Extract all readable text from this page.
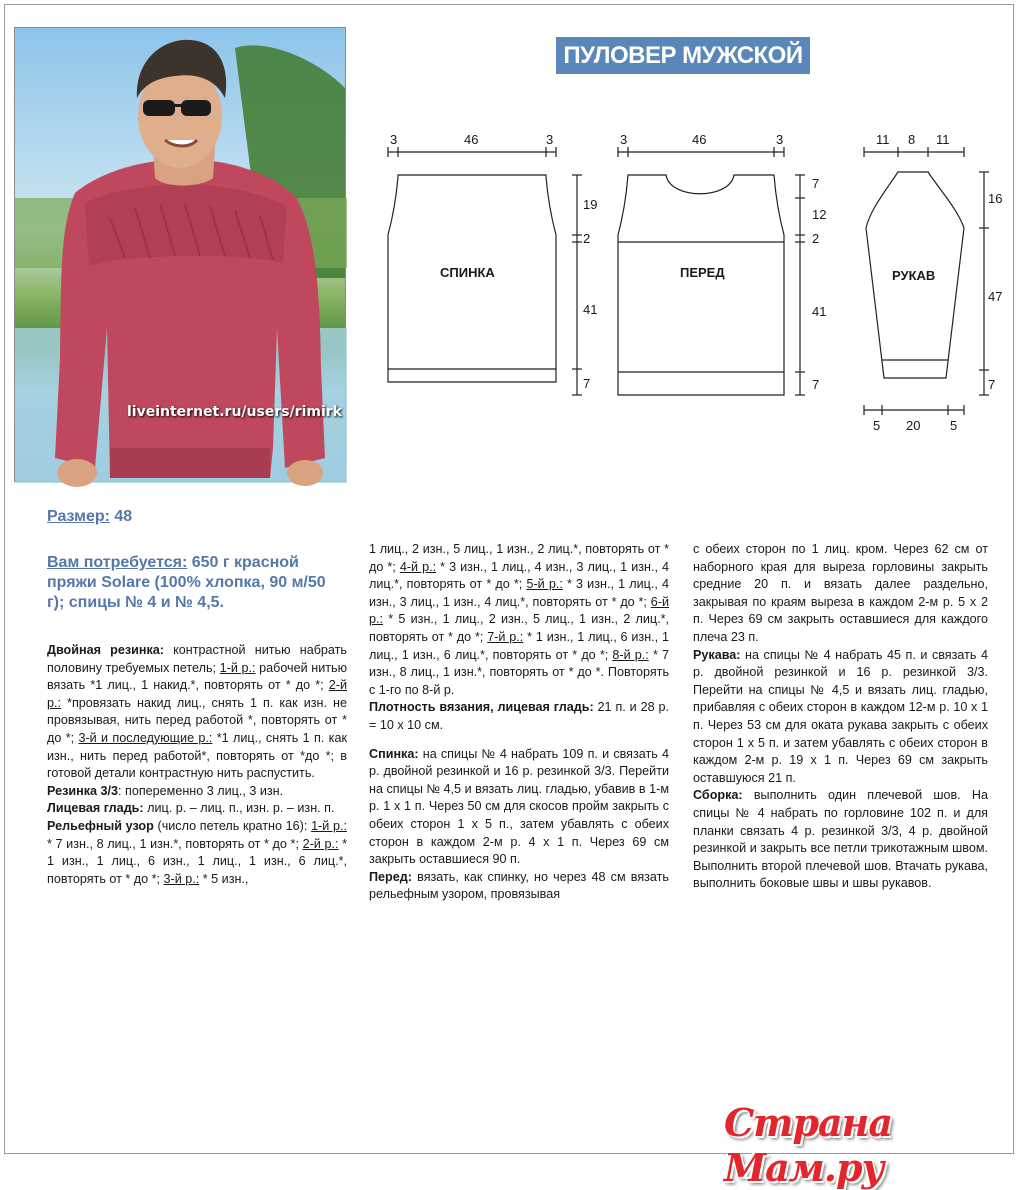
liveinternet.ru/users/rimirk
ПУЛОВЕР МУЖСКОЙ
СПИНКА
3	46	3
19
2
41
7
ПЕРЕД
3	46	3
7
12
2
41
7
РУКАВ
11 8 11
16
47
7
5 20 5
Размер: 48
Вам потребуется: 650 г красной пряжи Solare (100% хлопка, 90 м/50 г); спицы № 4 и № 4,5.

Двойная резинка: контрастной нитью набрать половину требуемых петель; 1-й р.: рабочей нитью вязать *1 лиц., 1 накид.*, повторять от * до *; 2-й р.: *провязать накид лиц., снять 1 п. как изн. не провязывая, нить перед работой *, повторять от * до *; 3-й и последующие р.: *1 лиц., снять 1 п. как изн., нить перед работой*, повторять от *до *; в готовой детали контрастную нить распустить.

Резинка 3/3: попеременно 3 лиц., 3 изн.

Лицевая гладь: лиц. р. – лиц. п., изн. р. – изн. п.

Рельефный узор (число петель кратно 16): 1-й р.: * 7 изн., 8 лиц., 1 изн.*, повторять от * до *; 2-й р.: * 1 изн., 1 лиц., 6 изн., 1 лиц., 1 изн., 6 лиц.*, повторять от * до *; 3-й р.: * 5 изн.,

1 лиц., 2 изн., 5 лиц., 1 изн., 2 лиц.*, повторять от * до *; 4-й р.: * 3 изн., 1 лиц., 4 изн., 3 лиц., 1 изн., 4 лиц.*, повторять от * до *; 5-й р.: * 3 изн., 1 лиц., 4 изн., 3 лиц., 1 изн., 4 лиц.*, повторять от * до *; 6-й р.: * 5 изн., 1 лиц., 2 изн., 5 лиц., 1 изн., 2 лиц.*, повторять от * до *; 7-й р.: * 1 изн., 1 лиц., 6 изн., 1 лиц., 1 изн., 6 лиц.*, повторять от * до *; 8-й р.: * 7 изн., 8 лиц., 1 изн.*, повторять от * до *. Повторять с 1-го по 8-й р.

Плотность вязания, лицевая гладь: 21 п. и 28 р. = 10 х 10 см.

Спинка: на спицы № 4 набрать 109 п. и связать 4 р. двойной резинкой и 16 р. резинкой 3/3. Перейти на спицы № 4,5 и вязать лиц. гладью, убавив в 1-м р. 1 х 1 п. Через 50 см для скосов пройм закрыть с обеих сторон 1 х 5 п., затем убавлять с обеих сторон в каждом 2-м р. 4 х 1 п. Через 69 см закрыть оставшиеся 90 п.

Перед: вязать, как спинку, но через 48 см вязать рельефным узором, провязывая

с обеих сторон по 1 лиц. кром. Через 62 см от наборного края для выреза горловины закрыть средние 20 п. и вязать далее раздельно, закрывая по краям выреза в каждом 2-м р. 5 х 2 п. Через 69 см закрыть оставшиеся для каждого плеча 23 п.

Рукава: на спицы № 4 набрать 45 п. и связать 4 р. двойной резинкой и 16 р. резинкой 3/3. Перейти на спицы № 4,5 и вязать лиц. гладью, прибавляя с обеих сторон в каждом 12-м р. 10 х 1 п. Через 53 см для оката рукава закрыть с обеих сторон 1 х 5 п. и затем убавлять с обеих сторон в каждом 2-м р. 19 х 1 п. Через 69 см закрыть оставшуюся 21 п.

Сборка: выполнить один плечевой шов. На спицы № 4 набрать по горловине 102 п. и для планки связать 4 р. резинкой 3/3, 4 р. двойной резинкой и закрыть все петли трикотажным швом. Выполнить второй плечевой шов. Втачать рукава, выполнить боковые швы и швы рукавов.

Страна Мам.ру
